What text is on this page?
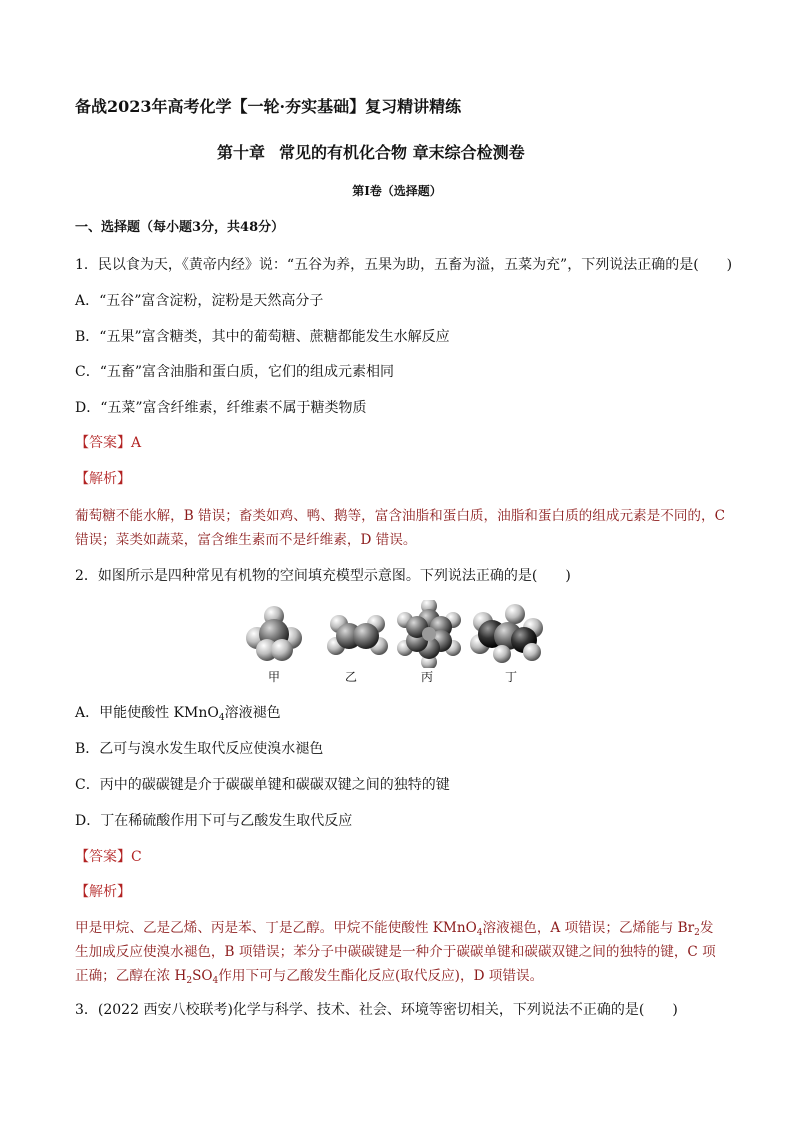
备战2023年高考化学【一轮·夯实基础】复习精讲精练
第十章 常见的有机化合物 章末综合检测卷
第Ⅰ卷（选择题）
一、选择题（每小题3分，共48分）
1．民以食为天，《黄帝内经》说：“五谷为养，五果为助，五畜为溢，五菜为充”，下列说法正确的是(　　)
A．“五谷”富含淀粉，淀粉是天然高分子
B．“五果”富含糖类，其中的葡萄糖、蔗糖都能发生水解反应
C．“五畜”富含油脂和蛋白质，它们的组成元素相同
D．“五菜”富含纤维素，纤维素不属于糖类物质
【答案】A
【解析】
葡萄糖不能水解，B 错误；畜类如鸡、鸭、鹅等，富含油脂和蛋白质，油脂和蛋白质的组成元素是不同的，C
错误；菜类如蔬菜，富含维生素而不是纤维素，D 错误。
2．如图所示是四种常见有机物的空间填充模型示意图。下列说法正确的是(　　)
甲	乙	丙	丁
A．甲能使酸性 KMnO$_4$溶液褪色
B．乙可与溴水发生取代反应使溴水褪色
C．丙中的碳碳键是介于碳碳单键和碳碳双键之间的独特的键
D．丁在稀硫酸作用下可与乙酸发生取代反应
【答案】C
【解析】
甲是甲烷、乙是乙烯、丙是苯、丁是乙醇。甲烷不能使酸性 KMnO$_4$溶液褪色，A 项错误；乙烯能与 $Br_2$发
生加成反应使溴水褪色，B 项错误；苯分子中碳碳键是一种介于碳碳单键和碳碳双键之间的独特的键，C 项
正确；乙醇在浓 $H_2SO_4$作用下可与乙酸发生酯化反应(取代反应)，D 项错误。
3．(2022 西安八校联考)化学与科学、技术、社会、环境等密切相关，下列说法不正确的是(　　)
